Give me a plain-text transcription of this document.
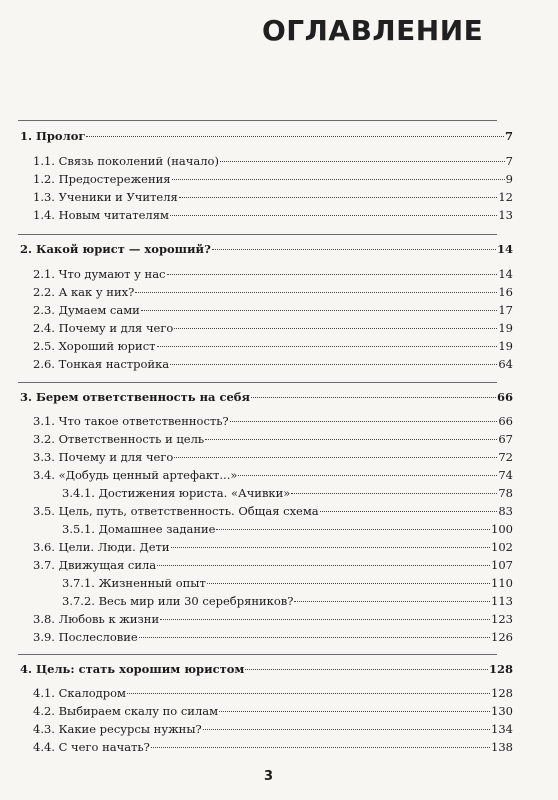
ОГЛАВЛЕНИЕ
1. Пролог	7
1.1. Связь поколений (начало)	7
1.2. Предостережения	9
1.3. Ученики и Учителя	12
1.4. Новым читателям	13
2. Какой юрист — хороший?	14
2.1. Что думают у нас	14
2.2. А как у них?	16
2.3. Думаем сами	17
2.4. Почему и для чего	19
2.5. Хороший юрист	19
2.6. Тонкая настройка	64
3. Берем ответственность на себя	66
3.1. Что такое ответственность?	66
3.2. Ответственность и цель	67
3.3. Почему и для чего	72
3.4. «Добудь ценный артефакт...»	74
3.4.1. Достижения юриста. «Ачивки»	78
3.5. Цель, путь, ответственность. Общая схема	83
3.5.1. Домашнее задание	100
3.6. Цели. Люди. Дети	102
3.7. Движущая сила	107
3.7.1. Жизненный опыт	110
3.7.2. Весь мир или 30 серебряников?	113
3.8. Любовь к жизни	123
3.9. Послесловие	126
4. Цель: стать хорошим юристом	128
4.1. Скалодром	128
4.2. Выбираем скалу по силам	130
4.3. Какие ресурсы нужны?	134
4.4. С чего начать?	138
3
